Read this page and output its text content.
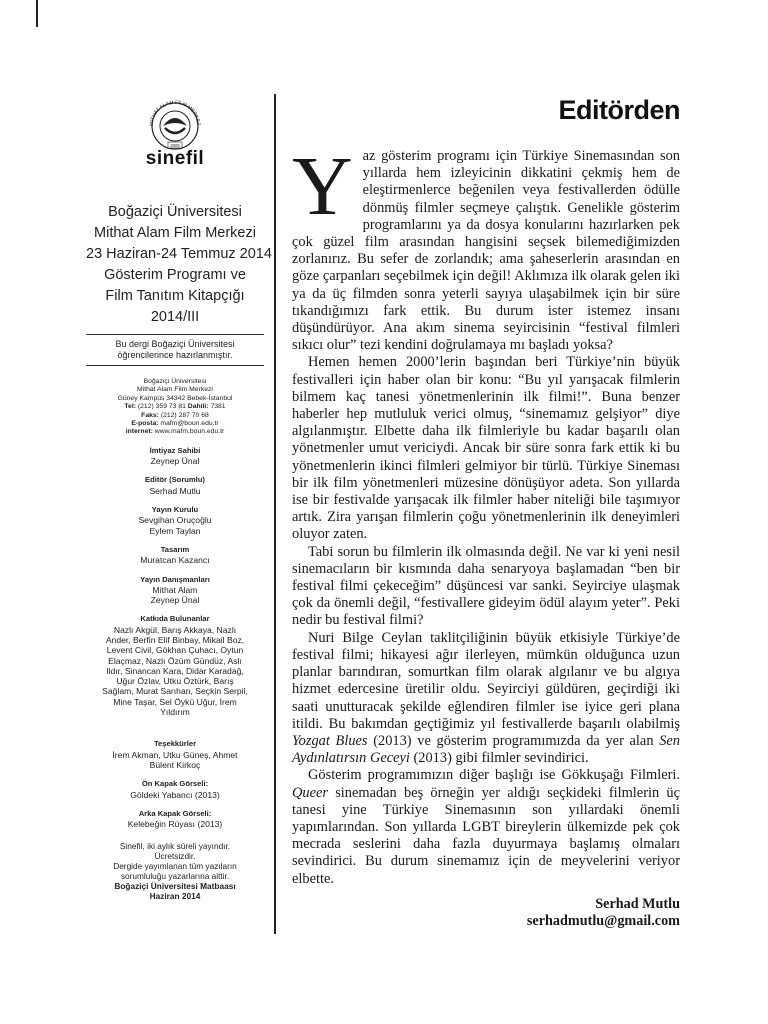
MITHAT ALAM FİLM MERKEZ
2005
sinefil
Boğaziçi Üniversitesi
Mithat Alam Film Merkezi
23 Haziran-24 Temmuz 2014
Gösterim Programı ve
Film Tanıtım Kitapçığı
2014/III
Bu dergi Boğaziçi Üniversitesi
öğrencilerince hazırlanmıştır.
Boğaziçi Üniversitesi
Mithat Alam Film Merkezi
Güney Kampüs 34342 Bebek-İstanbul
Tel: (212) 359 73 81 Dahili: 7381
Faks: (212) 287 70 68
E-posta: mafm@boun.edu.tr
internet: www.mafm.boun.edu.tr
İmtiyaz Sahibi
Zeynep Ünal
Editör (Sorumlu)
Serhad Mutlu
Yayın Kurulu
Sevgihan Oruçoğlu
Eylem Taylan
Tasarım
Muratcan Kazancı
Yayın Danışmanları
Mithat Alam
Zeynep Ünal
Katkıda Bulunanlar
Nazlı Akgül, Barış Akkaya, Nazlı
Ander, Berfin Elif Binbay, Mikail Boz,
Levent Civil, Gökhan Çuhacı, Oytun
Elaçmaz, Nazlı Özüm Gündüz, Aslı
Ildır, Sinancan Kara, Didar Karadağ,
Uğur Özlav, Utku Öztürk, Barış
Sağlam, Murat Sarıhan, Seçkin Serpil,
Mine Taşar, Sel Öykü Uğur, İrem
Yıldırım
Teşekkürler
İrem Akman, Utku Güneş, Ahmet
Bülent Kirkoç
Ön Kapak Görseli:
Göldeki Yabancı (2013)
Arka Kapak Görseli:
Kelebeğin Rüyası (2013)
Sinefil, iki aylık süreli yayındır.
Ücretsizdir.
Dergide yayımlanan tüm yazıların
sorumluluğu yazarlarına aittir.
Boğaziçi Üniversitesi Matbaası
Haziran 2014
Editörden

Yaz gösterim programı için Türkiye Sinemasından son yıllarda hem izleyicinin dikkatini çekmiş hem de eleştirmenlerce beğenilen veya festivallerden ödülle dönmüş filmler seçmeye çalıştık. Genelikle gösterim programlarını ya da dosya konularını hazırlarken pek çok güzel film arasından hangisini seçsek bilemediğimizden zorlanırız. Bu sefer de zorlandık; ama şaheserlerin arasından en göze çarpanları seçebilmek için değil! Aklımıza ilk olarak gelen iki ya da üç filmden sonra yeterli sayıya ulaşabilmek için bir süre tıkandığımızı fark ettik. Bu durum ister istemez insanı düşündürüyor. Ana akım sinema seyircisinin “festival filmleri sıkıcı olur” tezi kendini doğrulamaya mı başladı yoksa?

Hemen hemen 2000’lerin başından beri Türkiye’nin büyük festivalleri için haber olan bir konu: “Bu yıl yarışacak filmlerin bilmem kaç tanesi yönetmenlerinin ilk filmi!”. Buna benzer haberler hep mutluluk verici olmuş, “sinemamız gelşiyor” diye algılanmıştır. Elbette daha ilk filmleriyle bu kadar başarılı olan yönetmenler umut vericiydi. Ancak bir süre sonra fark ettik ki bu yönetmenlerin ikinci filmleri gelmiyor bir türlü. Türkiye Sineması bir ilk film yönetmenleri müzesine dönüşüyor adeta. Son yıllarda ise bir festivalde yarışacak ilk filmler haber niteliği bile taşımıyor artık. Zira yarışan filmlerin çoğu yönetmenlerinin ilk deneyimleri oluyor zaten.

Tabi sorun bu filmlerin ilk olmasında değil. Ne var ki yeni nesil sinemacıların bir kısmında daha senaryoya başlamadan “ben bir festival filmi çekeceğim” düşüncesi var sanki. Seyirciye ulaşmak çok da önemli değil, “festivallere gideyim ödül alayım yeter”. Peki nedir bu festival filmi?

Nuri Bilge Ceylan taklitçiliğinin büyük etkisiyle Türkiye’de festival filmi; hikayesi ağır ilerleyen, mümkün olduğunca uzun planlar barındıran, somurtkan film olarak algılanır ve bu algıya hizmet edercesine üretilir oldu. Seyirciyi güldüren, geçirdiği iki saati unutturacak şekilde eğlendiren filmler ise iyice geri plana itildi. Bu bakımdan geçtiğimiz yıl festivallerde başarılı olabilmiş Yozgat Blues (2013) ve gösterim programımızda da yer alan Sen Aydınlatırsın Geceyi (2013) gibi filmler sevindirici.

Gösterim programımızın diğer başlığı ise Gökkuşağı Filmleri. Queer sinemadan beş örneğin yer aldığı seçkideki filmlerin üç tanesi yine Türkiye Sinemasının son yıllardaki önemli yapımlarından. Son yıllarda LGBT bireylerin ülkemizde pek çok mecrada seslerini daha fazla duyurmaya başlamış olmaları sevindirici. Bu durum sinemamız için de meyvelerini veriyor elbette.

Serhad Mutlu
serhadmutlu@gmail.com
